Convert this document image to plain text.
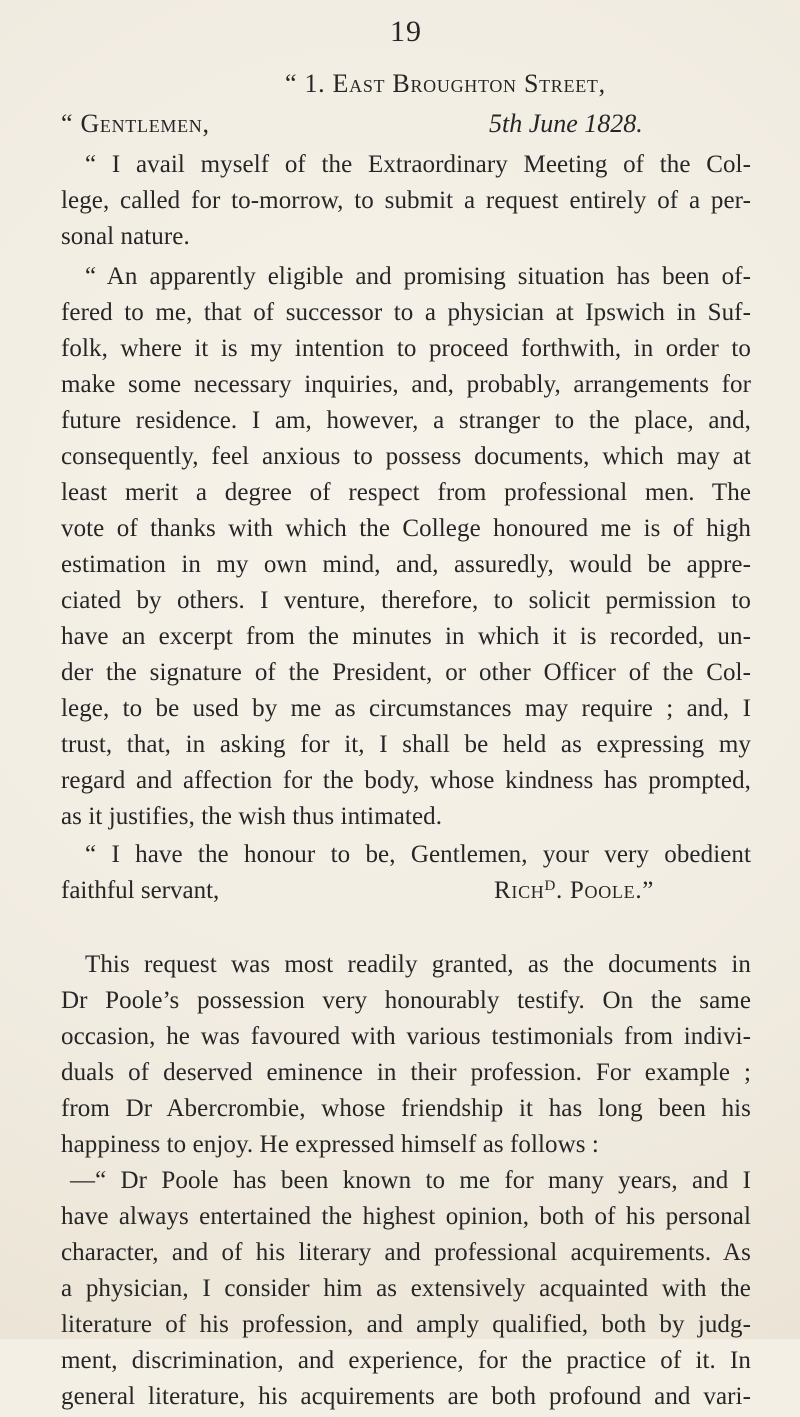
19
“ 1. East Broughton Street,
“ Gentlemen,	5th June 1828.
“ I avail myself of the Extraordinary Meeting of the Col-
lege, called for to-morrow, to submit a request entirely of a per-
sonal nature.
“ An apparently eligible and promising situation has been of-
fered to me, that of successor to a physician at Ipswich in Suf-
folk, where it is my intention to proceed forthwith, in order to
make some necessary inquiries, and, probably, arrangements for
future residence. I am, however, a stranger to the place, and,
consequently, feel anxious to possess documents, which may at
least merit a degree of respect from professional men. The
vote of thanks with which the College honoured me is of high
estimation in my own mind, and, assuredly, would be appre-
ciated by others. I venture, therefore, to solicit permission to
have an excerpt from the minutes in which it is recorded, un-
der the signature of the President, or other Officer of the Col-
lege, to be used by me as circumstances may require ; and, I
trust, that, in asking for it, I shall be held as expressing my
regard and affection for the body, whose kindness has prompted,
as it justifies, the wish thus intimated.
“ I have the honour to be, Gentlemen, your very obedient
faithful servant,	Rich$^D$. Poole.”
This request was most readily granted, as the documents in
Dr Poole’s possession very honourably testify. On the same
occasion, he was favoured with various testimonials from indivi-
duals of deserved eminence in their profession. For example ;
from Dr Abercrombie, whose friendship it has long been his
happiness to enjoy. He expressed himself as follows :
—“ Dr Poole has been known to me for many years, and I
have always entertained the highest opinion, both of his personal
character, and of his literary and professional acquirements. As
a physician, I consider him as extensively acquainted with the
literature of his profession, and amply qualified, both by judg-
ment, discrimination, and experience, for the practice of it. In
general literature, his acquirements are both profound and vari-
